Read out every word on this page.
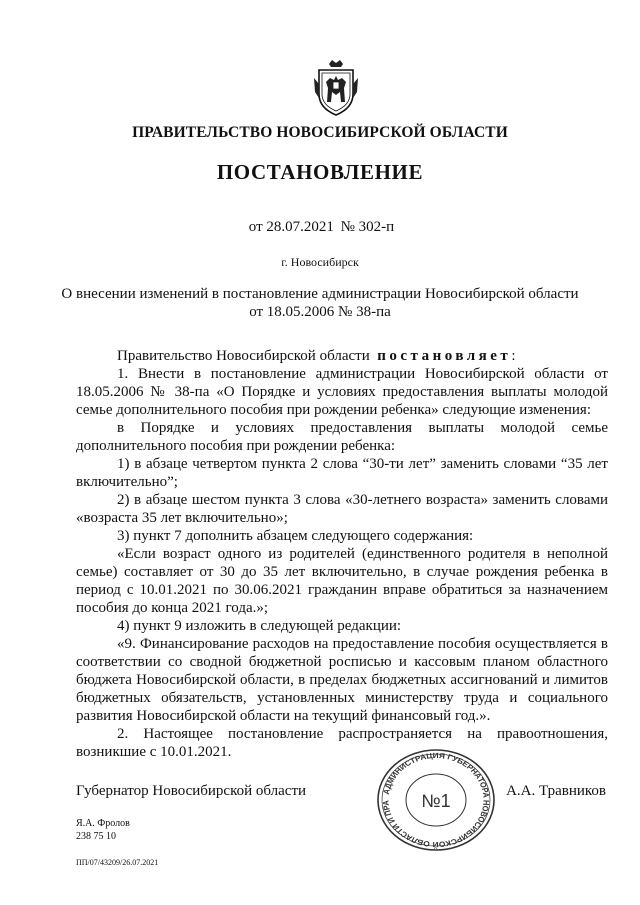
ПРАВИТЕЛЬСТВО НОВОСИБИРСКОЙ ОБЛАСТИ
ПОСТАНОВЛЕНИЕ
от 28.07.2021 № 302-п
г. Новосибирск
О внесении изменений в постановление администрации Новосибирской области
от 18.05.2006 № 38-па

Правительство Новосибирской области постановляет:

1. Внести в постановление администрации Новосибирской области от 18.05.2006 № 38-па «О Порядке и условиях предоставления выплаты молодой семье дополнительного пособия при рождении ребенка» следующие изменения:

в Порядке и условиях предоставления выплаты молодой семье дополнительного пособия при рождении ребенка:

1) в абзаце четвертом пункта 2 слова “30-ти лет” заменить словами “35 лет включительно”;

2) в абзаце шестом пункта 3 слова «30-летнего возраста» заменить словами «возраста 35 лет включительно»;

3) пункт 7 дополнить абзацем следующего содержания:

«Если возраст одного из родителей (единственного родителя в неполной семье) составляет от 30 до 35 лет включительно, в случае рождения ребенка в период с 10.01.2021 по 30.06.2021 гражданин вправе обратиться за назначением пособия до конца 2021 года.»;

4) пункт 9 изложить в следующей редакции:

«9. Финансирование расходов на предоставление пособия осуществляется в соответствии со сводной бюджетной росписью и кассовым планом областного бюджета Новосибирской области, в пределах бюджетных ассигнований и лимитов бюджетных обязательств, установленных министерству труда и социального развития Новосибирской области на текущий финансовый год.».

2. Настоящее постановление распространяется на правоотношения, возникшие с 10.01.2021.

Губернатор Новосибирской области	АДМИНИСТРАЦИЯ ГУБЕРНАТОРА НОВОСИБИРСКОЙ ОБЛАСТИ И ПРА	№1	А.А. Травников
Я.А. Фролов
238 75 10
ПП/07/43209/26.07.2021
